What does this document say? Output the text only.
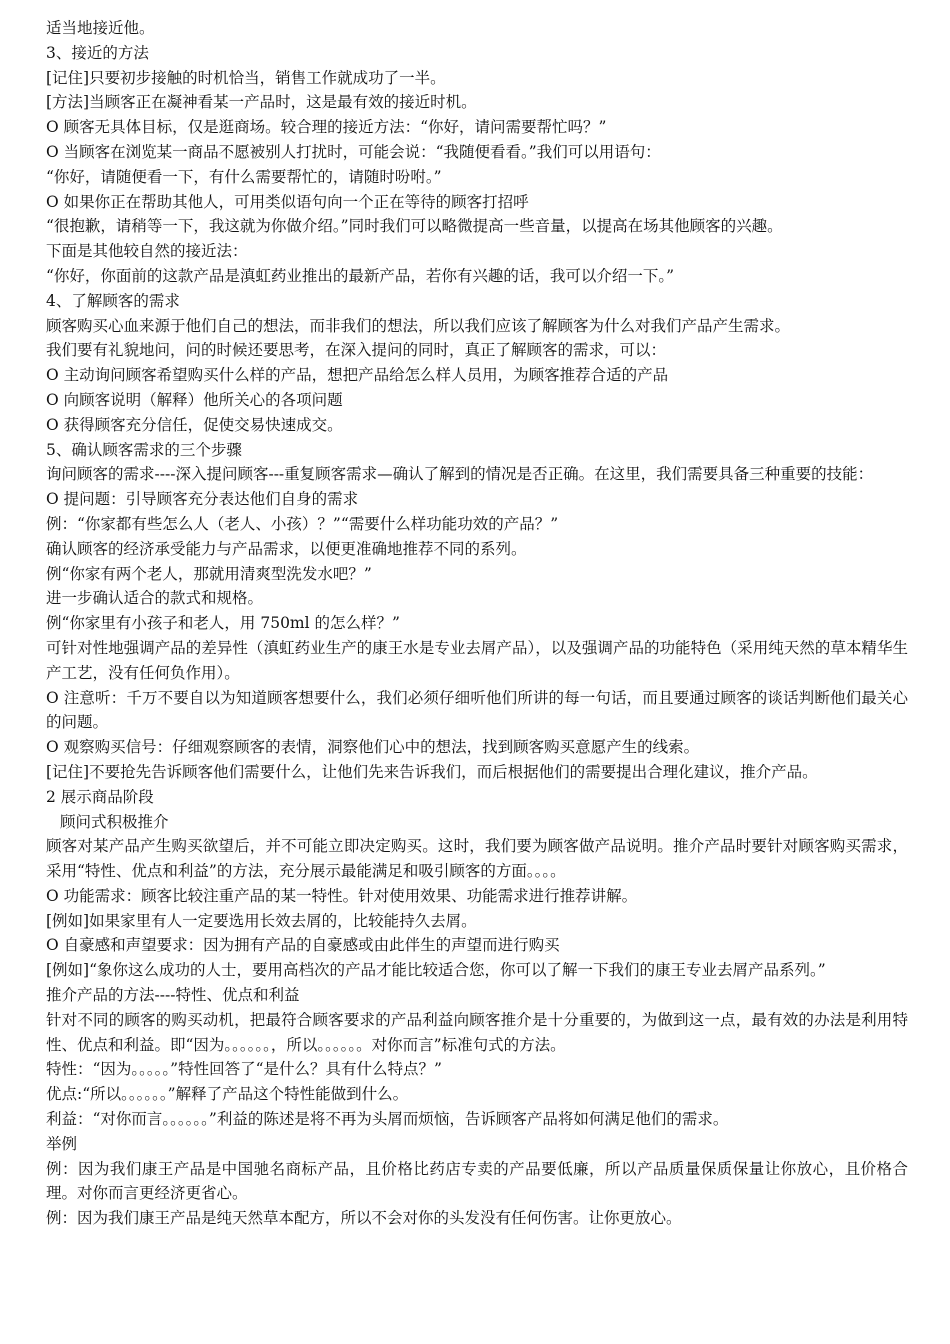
适当地接近他。

3、接近的方法

[记住]只要初步接触的时机恰当，销售工作就成功了一半。

[方法]当顾客正在凝神看某一产品时，这是最有效的接近时机。

O 顾客无具体目标，仅是逛商场。较合理的接近方法：“你好，请问需要帮忙吗？”

O 当顾客在浏览某一商品不愿被别人打扰时，可能会说：“我随便看看。”我们可以用语句：

“你好，请随便看一下，有什么需要帮忙的，请随时吩咐。”

O 如果你正在帮助其他人，可用类似语句向一个正在等待的顾客打招呼

“很抱歉，请稍等一下，我这就为你做介绍。”同时我们可以略微提高一些音量，以提高在场其他顾客的兴趣。

下面是其他较自然的接近法：

“你好，你面前的这款产品是滇虹药业推出的最新产品，若你有兴趣的话，我可以介绍一下。”

4、了解顾客的需求

顾客购买心血来源于他们自己的想法，而非我们的想法，所以我们应该了解顾客为什么对我们产品产生需求。

我们要有礼貌地问，问的时候还要思考，在深入提问的同时，真正了解顾客的需求，可以：

O 主动询问顾客希望购买什么样的产品，想把产品给怎么样人员用，为顾客推荐合适的产品

O 向顾客说明（解释）他所关心的各项问题

O 获得顾客充分信任，促使交易快速成交。

5、确认顾客需求的三个步骤

询问顾客的需求----深入提问顾客---重复顾客需求—确认了解到的情况是否正确。在这里，我们需要具备三种重要的技能：

O 提问题：引导顾客充分表达他们自身的需求

例：“你家都有些怎么人（老人、小孩）？”“需要什么样功能功效的产品？”

确认顾客的经济承受能力与产品需求，以便更准确地推荐不同的系列。

例“你家有两个老人，那就用清爽型洗发水吧？”

进一步确认适合的款式和规格。

例“你家里有小孩子和老人，用 750ml 的怎么样？”

可针对性地强调产品的差异性（滇虹药业生产的康王水是专业去屑产品），以及强调产品的功能特色（采用纯天然的草本精华生产工艺，没有任何负作用）。

O 注意听：千万不要自以为知道顾客想要什么，我们必须仔细听他们所讲的每一句话，而且要通过顾客的谈话判断他们最关心的问题。

O 观察购买信号：仔细观察顾客的表情，洞察他们心中的想法，找到顾客购买意愿产生的线索。

[记住]不要抢先告诉顾客他们需要什么，让他们先来告诉我们，而后根据他们的需要提出合理化建议，推介产品。

2 展示商品阶段

顾问式积极推介

顾客对某产品产生购买欲望后，并不可能立即决定购买。这时，我们要为顾客做产品说明。推介产品时要针对顾客购买需求，采用“特性、优点和利益”的方法，充分展示最能满足和吸引顾客的方面。。。。

O 功能需求：顾客比较注重产品的某一特性。针对使用效果、功能需求进行推荐讲解。

[例如]如果家里有人一定要选用长效去屑的，比较能持久去屑。

O 自豪感和声望要求：因为拥有产品的自豪感或由此伴生的声望而进行购买

[例如]“象你这么成功的人士，要用高档次的产品才能比较适合您，你可以了解一下我们的康王专业去屑产品系列。”

推介产品的方法----特性、优点和利益

针对不同的顾客的购买动机，把最符合顾客要求的产品利益向顾客推介是十分重要的，为做到这一点，最有效的办法是利用特性、优点和利益。即“因为。。。。。。，所以。。。。。。对你而言”标准句式的方法。

特性：“因为。。。。。”特性回答了“是什么？具有什么特点？”

优点:“所以。。。。。。”解释了产品这个特性能做到什么。

利益：“对你而言。。。。。。”利益的陈述是将不再为头屑而烦恼，告诉顾客产品将如何满足他们的需求。

举例

例：因为我们康王产品是中国驰名商标产品，且价格比药店专卖的产品要低廉，所以产品质量保质保量让你放心，且价格合理。对你而言更经济更省心。

例：因为我们康王产品是纯天然草本配方，所以不会对你的头发没有任何伤害。让你更放心。
